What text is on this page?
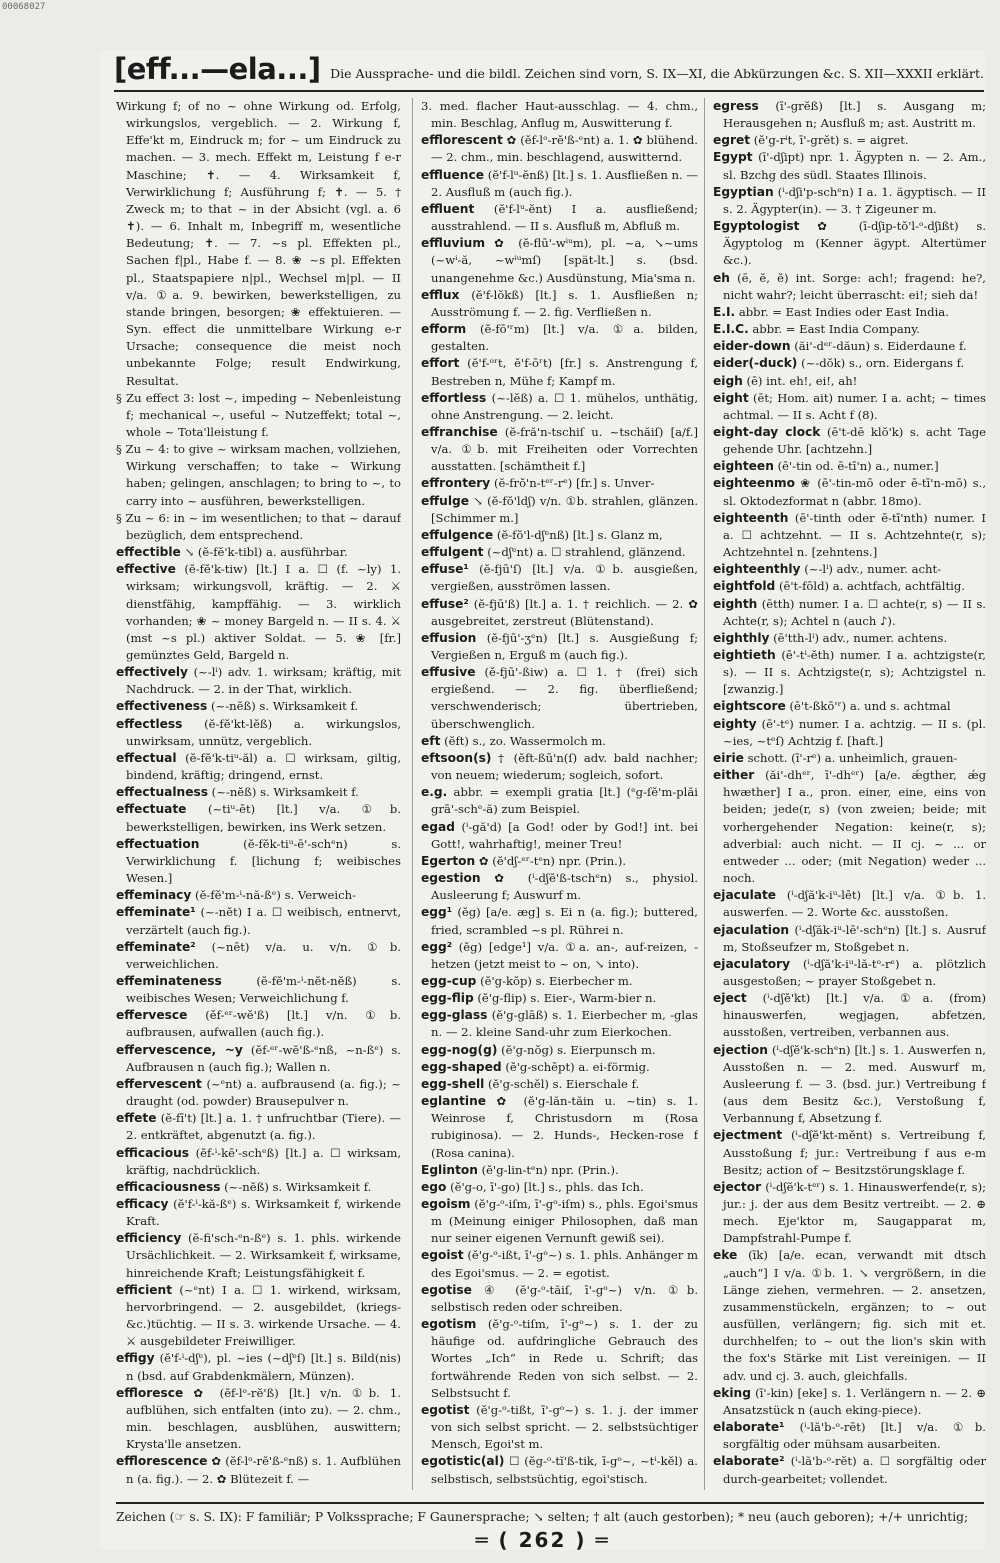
00068027
[eff...—ela...] Die Aussprache- und die bildl. Zeichen sind vorn, S. IX—XI, die Abkürzungen &c. S. XII—XXXII erklärt.

Wirkung f; of no ~ ohne Wirkung od. Erfolg, wirkungslos, vergeblich. — 2. Wirkung f, Effe'kt m, Eindruck m; for ~ um Eindruck zu machen. — 3. mech. Effekt m, Leistung f e-r Maschine; ✝. — 4. Wirksamkeit f, Verwirklichung f; Ausführung f; ✝. — 5. † Zweck m; to that ~ in der Absicht (vgl. a. 6 ✝). — 6. Inhalt m, Inbegriff m, wesentliche Bedeutung; ✝. — 7. ~s pl. Effekten pl., Sachen f|pl., Habe f. — 8. ❀ ~s pl. Effekten pl., Staatspapiere n|pl., Wechsel m|pl. — II v/a. ①a. 9. bewirken, bewerkstelligen, zu stande bringen, besorgen; ❀ effektuieren. — Syn. effect die unmittelbare Wirkung e-r Ursache; consequence die meist noch unbekannte Folge; result Endwirkung, Resultat.

§ Zu effect 3: lost ~, impeding ~ Nebenleistung f; mechanical ~, useful ~ Nutzeffekt; total ~, whole ~ Tota'lleistung f.

§ Zu ~ 4: to give ~ wirksam machen, vollziehen, Wirkung verschaffen; to take ~ Wirkung haben; gelingen, anschlagen; to bring to ~, to carry into ~ ausführen, bewerkstelligen.

§ Zu ~ 6: in ~ im wesentlichen; to that ~ darauf bezüglich, dem entsprechend.

effectible ↘ (ĕ-fĕ'k-tibl) a. ausführbar.

effective (ĕ-fĕ'k-tiw) [lt.] I a. ☐ (f. ~ly) 1. wirksam; wirkungsvoll, kräftig. — 2. ⚔ dienstfähig, kampffähig. — 3. wirklich vorhanden; ❀ ~ money Bargeld n. — II s. 4. ⚔ (mst ~s pl.) aktiver Soldat. — 5. ❀ [fr.] gemünztes Geld, Bargeld n.

effectively (~-lⁱ) adv. 1. wirksam; kräftig, mit Nachdruck. — 2. in der That, wirklich.

effectiveness (~-nĕß) s. Wirksamkeit f.

effectless (ĕ-fĕ'kt-lĕß) a. wirkungslos, unwirksam, unnütz, vergeblich.

effectual (ĕ-fĕ'k-tiᵘ-ăl) a. ☐ wirksam, giltig, bindend, kräftig; dringend, ernst.

effectualness (~-nĕß) s. Wirksamkeit f.

effectuate (~tiᵘ-ēt) [lt.] v/a. ①b. bewerkstelligen, bewirken, ins Werk setzen.

effectuation	(ĕ-fĕk-tiᵘ-ē'-schᵉn) s. Verwirklichung f. [lichung f; weibisches Wesen.]

effeminacy (ĕ-fĕ'm-ⁱ-nă-ßᵉ) s. Verweich-

effeminate¹ (~-nĕt) I a. ☐ weibisch, entnervt, verzärtelt (auch fig.).

effeminate² (~nēt) v/a. u. v/n. ①b. verweichlichen.

effeminateness	(ĕ-fĕ'm-ⁱ-nĕt-nĕß) s. weibisches Wesen; Verweichlichung f.

effervesce (ĕf-ᵉʳ-wĕ'ß) [lt.] v/n. ①b. aufbrausen, aufwallen (auch fig.).

effervescence, ~y (ĕf-ᵉʳ-wĕ'ß-ᵉnß, ~n-ßᵉ) s. Aufbrausen n (auch fig.); Wallen n.

effervescent (~ᵉnt) a. aufbrausend (a. fig.); ~ draught (od. powder) Brausepulver n.

effete (ĕ-fī't) [lt.] a. 1. † unfruchtbar (Tiere). — 2. entkräftet, abgenutzt (a. fig.).

efficacious (ĕf-ⁱ-kē'-schᵉß) [lt.] a. ☐ wirksam, kräftig, nachdrücklich.

efficaciousness (~-nĕß) s. Wirksamkeit f.

efficacy (ĕ'f-ⁱ-kă-ßᵉ) s. Wirksamkeit f, wirkende Kraft.

efficiency (ĕ-fi'sch-ᵉn-ßᵉ) s. 1. phls. wirkende Ursächlichkeit. — 2. Wirksamkeit f, wirksame, hinreichende Kraft; Leistungsfähigkeit f.

efficient (~ᵉnt) I a. ☐ 1. wirkend, wirksam, hervorbringend. — 2. ausgebildet, (kriegs-&c.)tüchtig. — II s. 3. wirkende Ursache. — 4. ⚔ ausgebildeter Freiwilliger.

effigy (ĕ'f-ⁱ-dʃᵉ), pl. ~ies (~dʃᵉſ) [lt.] s. Bild(nis) n (bsd. auf Grabdenkmälern, Münzen).

effloresce ✿ (ĕf-lᵒ-rĕ'ß) [lt.] v/n. ①b. 1. aufblühen, sich entfalten (into zu). — 2. chm., min. beschlagen, ausblühen, auswittern; Krysta'lle ansetzen.

efflorescence ✿ (ĕf-lᵒ-rĕ'ß-ᵉnß) s. 1. Aufblühen n (a. fig.). — 2. ✿ Blütezeit f. —

3. med. flacher Haut-ausschlag. — 4. chm., min. Beschlag, Anflug m, Auswitterung f.

efflorescent ✿ (ĕf-lᵒ-rĕ'ß-ᵉnt) a. 1. ✿ blühend. — 2. chm., min. beschlagend, auswitternd.

effluence (ĕ'f-lᵘ-ĕnß) [lt.] s. 1. Ausfließen n. — 2. Ausfluß m (auch fig.).

effluent (ĕ'f-lᵘ-ĕnt) I a. ausfließend; ausstrahlend. — II s. Ausfluß m, Abfluß m.

effluvium ✿ (ĕ-flū'-wⁱᵘm), pl. ~a, ↘~ums (~wⁱ-ă, ~wⁱᵘmſ) [spät-lt.] s. (bsd. unangenehme &c.) Ausdünstung, Mia'sma n.

efflux (ĕ'f-lŏkß) [lt.] s. 1. Ausfließen n; Ausströmung f. — 2. fig. Verfließen n.

efform (ĕ-fō'ʳm) [lt.] v/a. ①a. bilden, gestalten.

effort (ĕ'f-ᵒʳt, ĕ'f-ōʳt) [fr.] s. Anstrengung f, Bestreben n, Mühe f; Kampf m.

effortless (~-lĕß) a. ☐ 1. mühelos, unthätig, ohne Anstrengung. — 2. leicht.

effranchise (ĕ-fră'n-tschiſ u. ~tschăiſ) [a/f.] v/a. ①b. mit Freiheiten oder Vorrechten ausstatten. [schämtheit f.]

effrontery (ĕ-frŏ'n-tᵉʳ-rᵉ) [fr.] s. Unver-

effulge ↘ (ĕ-fŏ'ldʃ) v/n. ①b. strahlen, glänzen. [Schimmer m.]

effulgence (ĕ-fŏ'l-dʃᵉnß) [lt.] s. Glanz m,

effulgent (~dʃᵉnt) a. ☐ strahlend, glänzend.

effuse¹ (ĕ-fjū'ſ) [lt.] v/a. ①b. ausgießen, vergießen, ausströmen lassen.

effuse² (ĕ-fjū'ß) [lt.] a. 1. † reichlich. — 2. ✿ ausgebreitet, zerstreut (Blütenstand).

effusion (ĕ-fjū'-ʒᵉn) [lt.] s. Ausgießung f; Vergießen n, Erguß m (auch fig.).

effusive (ĕ-fjū'-ßiw) a. ☐ 1. † (frei) sich ergießend. — 2. fig. überfließend; verschwenderisch; übertrieben, überschwenglich.

eft (ĕft) s., zo. Wassermolch m.

eftsoon(s) † (ĕft-ßū'n(ſ) adv. bald nachher; von neuem; wiederum; sogleich, sofort.

e.g. abbr. = exempli gratia [lt.] (ᵉg-ſĕ'm-plăi grā'-schᵉ-ă) zum Beispiel.

egad (ⁱ-gă'd) [a God! oder by God!] int. bei Gott!, wahrhaftig!, meiner Treu!

Egerton ✿ (ĕ'dʃ-ᵉʳ-tᵉn) npr. (Prin.).

egestion ✿ (ⁱ-dʃĕ'ß-tschᵉn) s., physiol. Ausleerung f; Auswurf m.

egg¹ (ĕg) [a/e. æg] s. Ei n (a. fig.); buttered, fried, scrambled ~s pl. Rührei n.

egg² (ĕg) [edge¹] v/a. ①a. an-, auf-reizen, -hetzen (jetzt meist to ~ on, ↘ into).

egg-cup (ĕ'g-kŏp) s. Eierbecher m.

egg-flip (ĕ'g-flip) s. Eier-, Warm-bier n.

egg-glass (ĕ'g-glāß) s. 1. Eierbecher m, -glas n. — 2. kleine Sand-uhr zum Eierkochen.

egg-nog(g) (ĕ'g-nŏg) s. Eierpunsch m.

egg-shaped (ĕ'g-schēpt) a. ei-förmig.

egg-shell (ĕ'g-schĕl) s. Eierschale f.

eglantine ✿ (ĕ'g-lăn-tăin u. ~tin) s. 1. Weinrose f, Christusdorn m (Rosa rubiginosa). — 2. Hunds-, Hecken-rose f (Rosa canina).

Eglinton (ĕ'g-lin-tᵉn) npr. (Prin.).

ego (ĕ'g-o, ī'-go) [lt.] s., phls. das Ich.

egoism (ĕ'g-ᵒ-iſm, ī'-gᵒ-iſm) s., phls. Egoi'smus m (Meinung einiger Philosophen, daß man nur seiner eigenen Vernunft gewiß sei).

egoist (ĕ'g-ᵒ-ißt, ī'-gᵒ~) s. 1. phls. Anhänger m des Egoi'smus. — 2. = egotist.

egotise ④ (ĕ'g-ᵒ-tăiſ, ī'-gᵒ~) v/n. ①b. selbstisch reden oder schreiben.

egotism (ĕ'g-ᵒ-tiſm, ī'-gᵒ~) s. 1. der zu häufige od. aufdringliche Gebrauch des Wortes „Ich“ in Rede u. Schrift; das fortwährende Reden von sich selbst. — 2. Selbstsucht f.

egotist (ĕ'g-ᵒ-tißt, ī'-gᵒ~) s. 1. j. der immer von sich selbst spricht. — 2. selbstsüchtiger Mensch, Egoi'st m.

egotistic(al) ☐ (ĕg-ᵒ-tĭ'ß-tik, ī-gᵒ~, ~tⁱ-kĕl) a. selbstisch, selbstsüchtig, egoi'stisch.

egress (ī'-grĕß) [lt.] s. Ausgang m; Herausgehen n; Ausfluß m; ast. Austritt m.

egret (ĕ'g-rⁱt, ī'-grĕt) s. = aigret.

Egypt (ī'-dʃipt) npr. 1. Ägypten n. — 2. Am., sl. Bzchg des südl. Staates Illinois.

Egyptian (ⁱ-dʃi'p-schᵉn) I a. 1. ägyptisch. — II s. 2. Ägypter(in). — 3. † Zigeuner m.

Egyptologist ✿ (ī-dʃip-tŏ'l-ᵒ-dʃißt) s. Ägyptolog m (Kenner ägypt. Altertümer &c.).

eh (ē, ĕ, ĕ) int. Sorge: ach!; fragend: he?, nicht wahr?; leicht überrascht: ei!; sieh da!

E.I. abbr. = East Indies oder East India.

E.I.C. abbr. = East India Company.

eider-down (ăi'-dᵉʳ-dăun) s. Eiderdaune f.

eider(-duck) (~-dŏk) s., orn. Eidergans f.

eigh (ē) int. eh!, ei!, ah!

eight (ēt; Hom. ait) numer. I a. acht; ~ times achtmal. — II s. Acht f (8).

eight-day clock (ē't-dē klŏ'k) s. acht Tage gehende Uhr. [achtzehn.]

eighteen (ē'-tin od. ē-tī'n) a., numer.]

eighteenmo ❀ (ē'-tin-mō oder ē-tī'n-mō) s., sl. Oktodezformat n (abbr. 18mo).

eighteenth (ē'-tinth oder ē-tī'nth) numer. I a. ☐ achtzehnt. — II s. Achtzehnte(r, s); Achtzehntel n. [zehntens.]

eighteenthly (~-lⁱ) adv., numer. acht-

eightfold (ē't-fōld) a. achtfach, achtfältig.

eighth (ētth) numer. I a. ☐ achte(r, s) — II s. Achte(r, s); Achtel n (auch ♪).

eighthly (ē'tth-lⁱ) adv., numer. achtens.

eightieth (ē'-tⁱ-ĕth) numer. I a. achtzigste(r, s). — II s. Achtzigste(r, s); Achtzigstel n. [zwanzig.]

eightscore (ē't-ßkō'ʳ) a. und s. achtmal

eighty (ē'-tᵉ) numer. I a. achtzig. — II s. (pl. ~ies, ~tᵉſ) Achtzig f. [haft.]

eirie schott. (ī'-rᵉ) a. unheimlich, grauen-

either (ăi'-dhᵉʳ, ī'-dhᵉʳ) [a/e. ǽgther, ǽg hwæther] I a., pron. einer, eine, eins von beiden; jede(r, s) (von zweien; beide; mit vorhergehender Negation: keine(r, s); adverbial: auch nicht. — II cj. ~ ... or entweder ... oder; (mit Negation) weder ... noch.

ejaculate (ⁱ-dʃă'k-iᵘ-lēt) [lt.] v/a. ①b. 1. auswerfen. — 2. Worte &c. ausstoßen.

ejaculation (ⁱ-dʃăk-iᵘ-lē'-schᵉn) [lt.] s. Ausruf m, Stoßseufzer m, Stoßgebet n.

ejaculatory (ⁱ-dʃă'k-iᵘ-lă-tᵒ-rᵉ) a. plötzlich ausgestoßen; ~ prayer Stoßgebet n.

eject (ⁱ-dʃĕ'kt) [lt.] v/a. ①a. (from) hinauswerfen, wegjagen, abfetzen, ausstoßen, vertreiben, verbannen aus.

ejection (ⁱ-dʃĕ'k-schᵉn) [lt.] s. 1. Auswerfen n, Ausstoßen n. — 2. med. Auswurf m, Ausleerung f. — 3. (bsd. jur.) Vertreibung f (aus dem Besitz &c.), Verstoßung f, Verbannung f, Absetzung f.

ejectment (ⁱ-dʃĕ'kt-mĕnt) s. Vertreibung f, Ausstoßung f; jur.: Vertreibung f aus e-m Besitz; action of ~ Besitzstörungsklage f.

ejector (ⁱ-dʃĕ'k-tᵉʳ) s. 1. Hinauswerfende(r, s); jur.: j. der aus dem Besitz vertreibt. — 2. ⊕ mech. Eje'ktor m, Saugapparat m, Dampfstrahl-Pumpe f.

eke (īk) [a/e. ecan, verwandt mit dtsch „auch“] I v/a. ①b. 1. ↘ vergrößern, in die Länge ziehen, vermehren. — 2. ansetzen, zusammenstückeln, ergänzen; to ~ out ausfüllen, verlängern; fig. sich mit et. durchhelfen; to ~ out the lion's skin with the fox's Stärke mit List vereinigen. — II adv. und cj. 3. auch, gleichfalls.

eking (ī'-kin) [eke] s. 1. Verlängern n. — 2. ⊕ Ansatzstück n (auch eking-piece).

elaborate¹ (ⁱ-lă'b-ᵒ-rēt) [lt.] v/a. ①b. sorgfältig oder mühsam ausarbeiten.

elaborate² (ⁱ-lă'b-ᵒ-rĕt) a. ☐ sorgfältig oder durch-gearbeitet; vollendet.

Zeichen (☞ s. S. IX): F familiär; P Volkssprache; F Gaunersprache; ↘ selten; † alt (auch gestorben); * neu (auch geboren); +/+ unrichtig;
═ ( 262 ) ═
